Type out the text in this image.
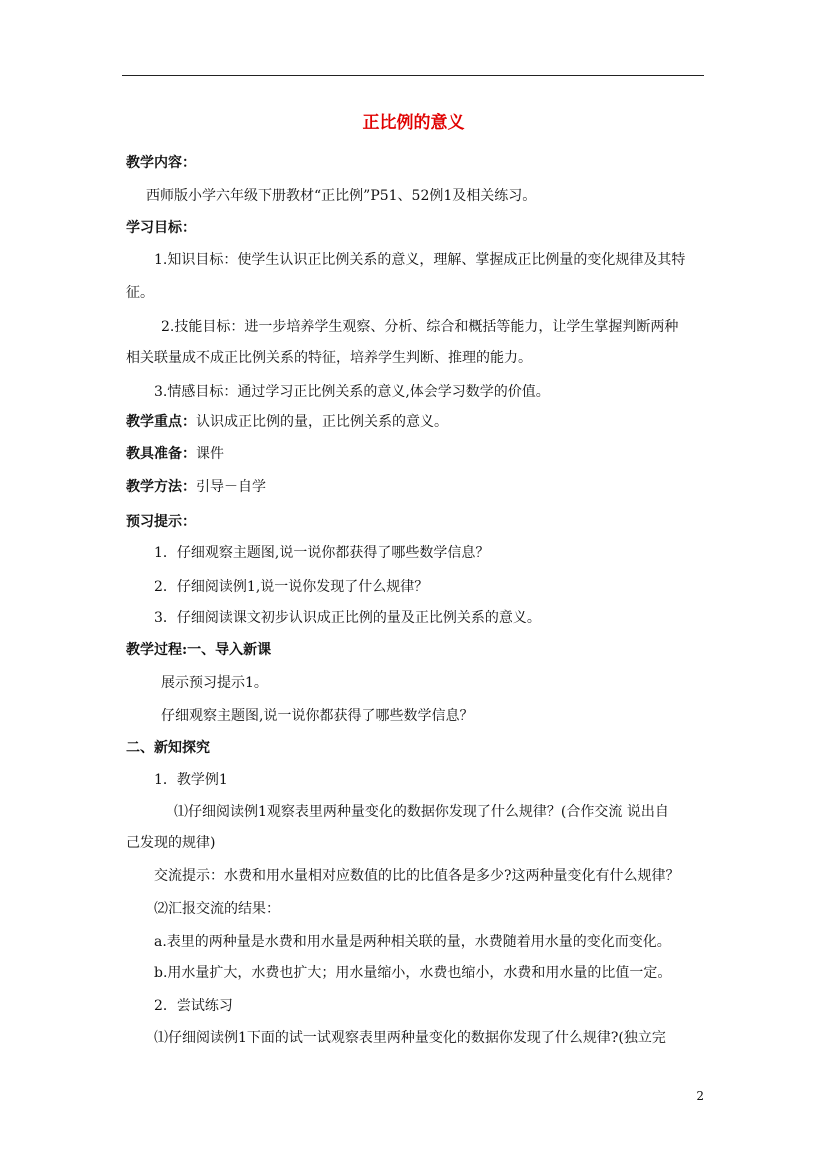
正比例的意义

教学内容：

西师版小学六年级下册教材“正比例”P51、52例1及相关练习。

学习目标：

1.知识目标：使学生认识正比例关系的意义，理解、掌握成正比例量的变化规律及其特

征。

2.技能目标：进一步培养学生观察、分析、综合和概括等能力，让学生掌握判断两种

相关联量成不成正比例关系的特征，培养学生判断、推理的能力。

3.情感目标：通过学习正比例关系的意义,体会学习数学的价值。

教学重点：认识成正比例的量，正比例关系的意义。

教具准备：课件

教学方法：引导－自学

预习提示：

1．仔细观察主题图,说一说你都获得了哪些数学信息？

2．仔细阅读例1,说一说你发现了什么规律？

3．仔细阅读课文初步认识成正比例的量及正比例关系的意义。

教学过程:一、导入新课

展示预习提示1。

仔细观察主题图,说一说你都获得了哪些数学信息？

二、新知探究

1．教学例1

⑴仔细阅读例1观察表里两种量变化的数据你发现了什么规律？(合作交流 说出自

己发现的规律)

交流提示：水费和用水量相对应数值的比的比值各是多少?这两种量变化有什么规律？

⑵汇报交流的结果：

a.表里的两种量是水费和用水量是两种相关联的量，水费随着用水量的变化而变化。

b.用水量扩大，水费也扩大；用水量缩小，水费也缩小，水费和用水量的比值一定。

2．尝试练习

⑴仔细阅读例1下面的试一试观察表里两种量变化的数据你发现了什么规律?(独立完

2
